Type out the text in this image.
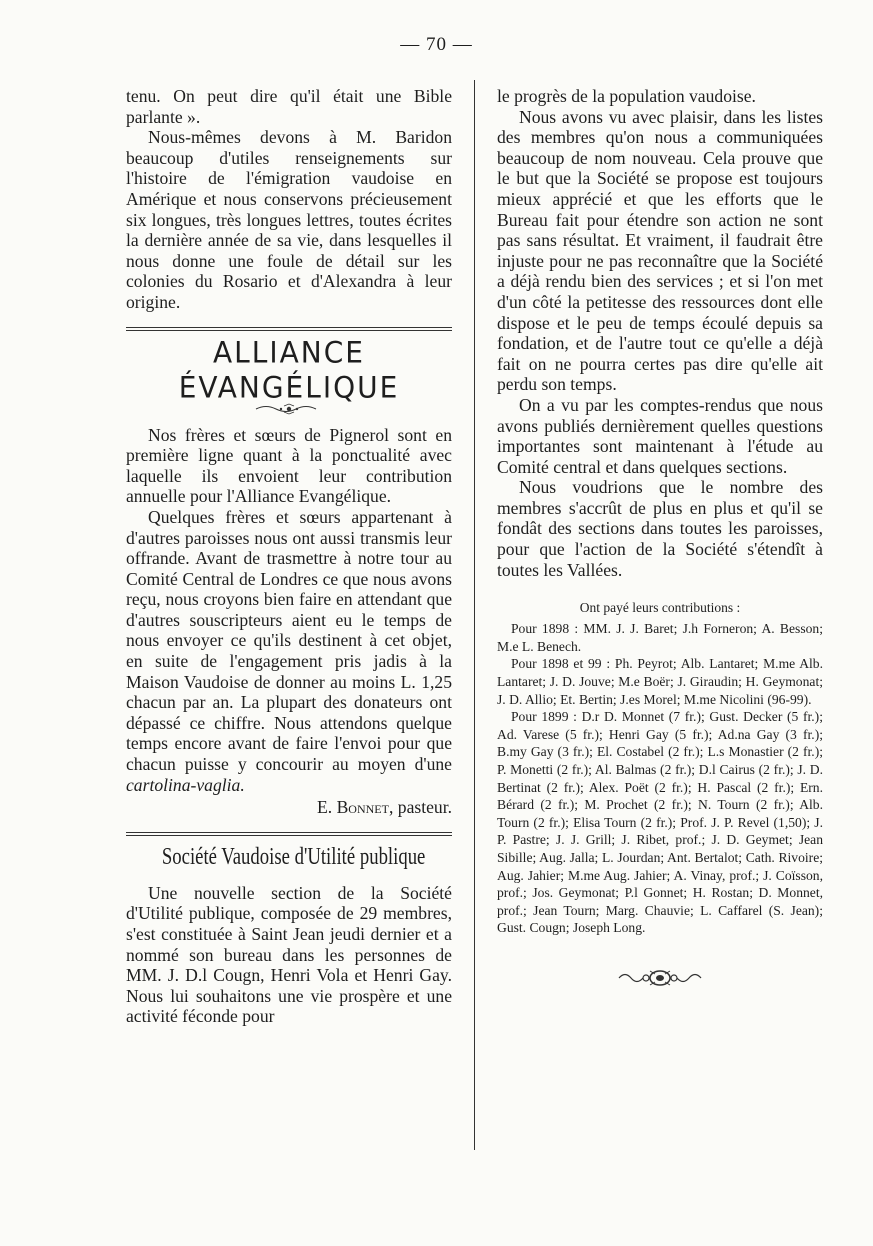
— 70 —

tenu. On peut dire qu'il était une Bible parlante ».

Nous-mêmes devons à M. Baridon beaucoup d'utiles renseignements sur l'histoire de l'émigration vaudoise en Amérique et nous conservons précieusement six longues, très longues lettres, toutes écrites la dernière année de sa vie, dans lesquelles il nous donne une foule de détail sur les colonies du Rosario et d'Alexandra à leur origine.

ALLIANCE ÉVANGÉLIQUE

Nos frères et sœurs de Pignerol sont en première ligne quant à la ponctualité avec laquelle ils envoient leur contribution annuelle pour l'Alliance Evangélique.

Quelques frères et sœurs appartenant à d'autres paroisses nous ont aussi transmis leur offrande. Avant de trasmettre à notre tour au Comité Central de Londres ce que nous avons reçu, nous croyons bien faire en attendant que d'autres souscripteurs aient eu le temps de nous envoyer ce qu'ils destinent à cet objet, en suite de l'engagement pris jadis à la Maison Vaudoise de donner au moins L. 1,25 chacun par an. La plupart des donateurs ont dépassé ce chiffre. Nous attendons quelque temps encore avant de faire l'envoi pour que chacun puisse y concourir au moyen d'une cartolina-vaglia.

E. Bonnet, pasteur.

Société Vaudoise d'Utilité publique

Une nouvelle section de la Société d'Utilité publique, composée de 29 membres, s'est constituée à Saint Jean jeudi dernier et a nommé son bureau dans les personnes de MM. J. D.l Cougn, Henri Vola et Henri Gay. Nous lui souhaitons une vie prospère et une activité féconde pour

le progrès de la population vaudoise.

Nous avons vu avec plaisir, dans les listes des membres qu'on nous a communiquées beaucoup de nom nouveau. Cela prouve que le but que la Société se propose est toujours mieux apprécié et que les efforts que le Bureau fait pour étendre son action ne sont pas sans résultat. Et vraiment, il faudrait être injuste pour ne pas reconnaître que la Société a déjà rendu bien des services ; et si l'on met d'un côté la petitesse des ressources dont elle dispose et le peu de temps écoulé depuis sa fondation, et de l'autre tout ce qu'elle a déjà fait on ne pourra certes pas dire qu'elle ait perdu son temps.

On a vu par les comptes-rendus que nous avons publiés dernièrement quelles questions importantes sont maintenant à l'étude au Comité central et dans quelques sections.

Nous voudrions que le nombre des membres s'accrût de plus en plus et qu'il se fondât des sections dans toutes les paroisses, pour que l'action de la Société s'étendît à toutes les Vallées.

Ont payé leurs contributions :

Pour 1898 : MM. J. J. Baret; J.h Forneron; A. Besson; M.e L. Benech.

Pour 1898 et 99 : Ph. Peyrot; Alb. Lantaret; M.me Alb. Lantaret; J. D. Jouve; M.e Boër; J. Giraudin; H. Geymonat; J. D. Allio; Et. Bertin; J.es Morel; M.me Nicolini (96-99).

Pour 1899 : D.r D. Monnet (7 fr.); Gust. Decker (5 fr.); Ad. Varese (5 fr.); Henri Gay (5 fr.); Ad.na Gay (3 fr.); B.my Gay (3 fr.); El. Costabel (2 fr.); L.s Monastier (2 fr.); P. Monetti (2 fr.); Al. Balmas (2 fr.); D.l Cairus (2 fr.); J. D. Bertinat (2 fr.); Alex. Poët (2 fr.); H. Pascal (2 fr.); Ern. Bérard (2 fr.); M. Prochet (2 fr.); N. Tourn (2 fr.); Alb. Tourn (2 fr.); Elisa Tourn (2 fr.); Prof. J. P. Revel (1,50); J. P. Pastre; J. J. Grill; J. Ribet, prof.; J. D. Geymet; Jean Sibille; Aug. Jalla; L. Jourdan; Ant. Bertalot; Cath. Rivoire; Aug. Jahier; M.me Aug. Jahier; A. Vinay, prof.; J. Coïsson, prof.; Jos. Geymonat; P.l Gonnet; H. Rostan; D. Monnet, prof.; Jean Tourn; Marg. Chauvie; L. Caffarel (S. Jean); Gust. Cougn; Joseph Long.
